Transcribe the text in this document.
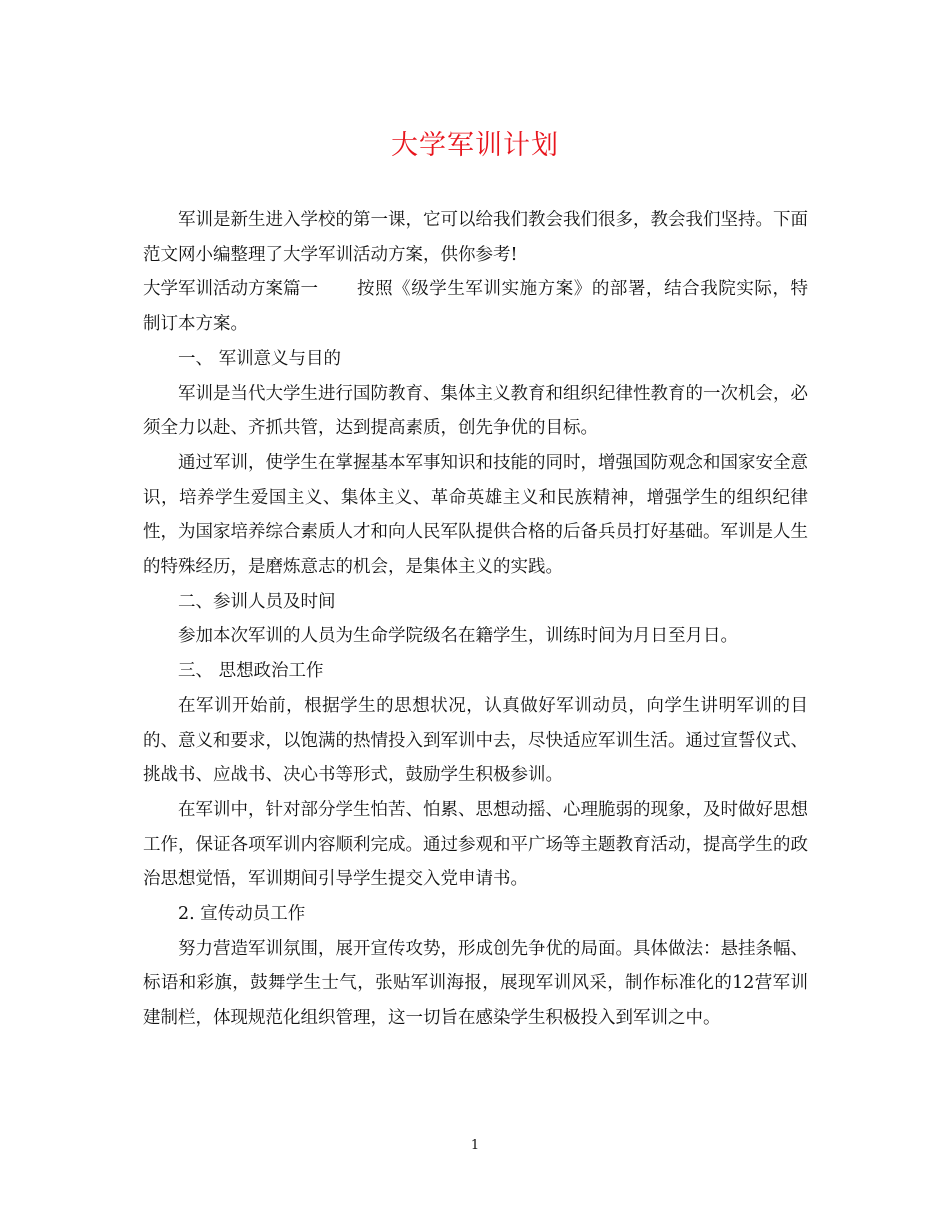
大学军训计划

军训是新生进入学校的第一课，它可以给我们教会我们很多，教会我们坚持。下面范文网小编整理了大学军训活动方案，供你参考!

大学军训活动方案篇一 按照《级学生军训实施方案》的部署，结合我院实际，特制订本方案。

一、 军训意义与目的

军训是当代大学生进行国防教育、集体主义教育和组织纪律性教育的一次机会，必须全力以赴、齐抓共管，达到提高素质，创先争优的目标。

通过军训，使学生在掌握基本军事知识和技能的同时，增强国防观念和国家安全意识，培养学生爱国主义、集体主义、革命英雄主义和民族精神，增强学生的组织纪律性，为国家培养综合素质人才和向人民军队提供合格的后备兵员打好基础。军训是人生的特殊经历，是磨炼意志的机会，是集体主义的实践。

二、参训人员及时间

参加本次军训的人员为生命学院级名在籍学生，训练时间为月日至月日。

三、 思想政治工作

在军训开始前，根据学生的思想状况，认真做好军训动员，向学生讲明军训的目的、意义和要求，以饱满的热情投入到军训中去，尽快适应军训生活。通过宣誓仪式、挑战书、应战书、决心书等形式，鼓励学生积极参训。

在军训中，针对部分学生怕苦、怕累、思想动摇、心理脆弱的现象，及时做好思想工作，保证各项军训内容顺利完成。通过参观和平广场等主题教育活动，提高学生的政治思想觉悟，军训期间引导学生提交入党申请书。

2. 宣传动员工作

努力营造军训氛围，展开宣传攻势，形成创先争优的局面。具体做法：悬挂条幅、标语和彩旗，鼓舞学生士气，张贴军训海报，展现军训风采，制作标准化的12营军训建制栏，体现规范化组织管理，这一切旨在感染学生积极投入到军训之中。

1
